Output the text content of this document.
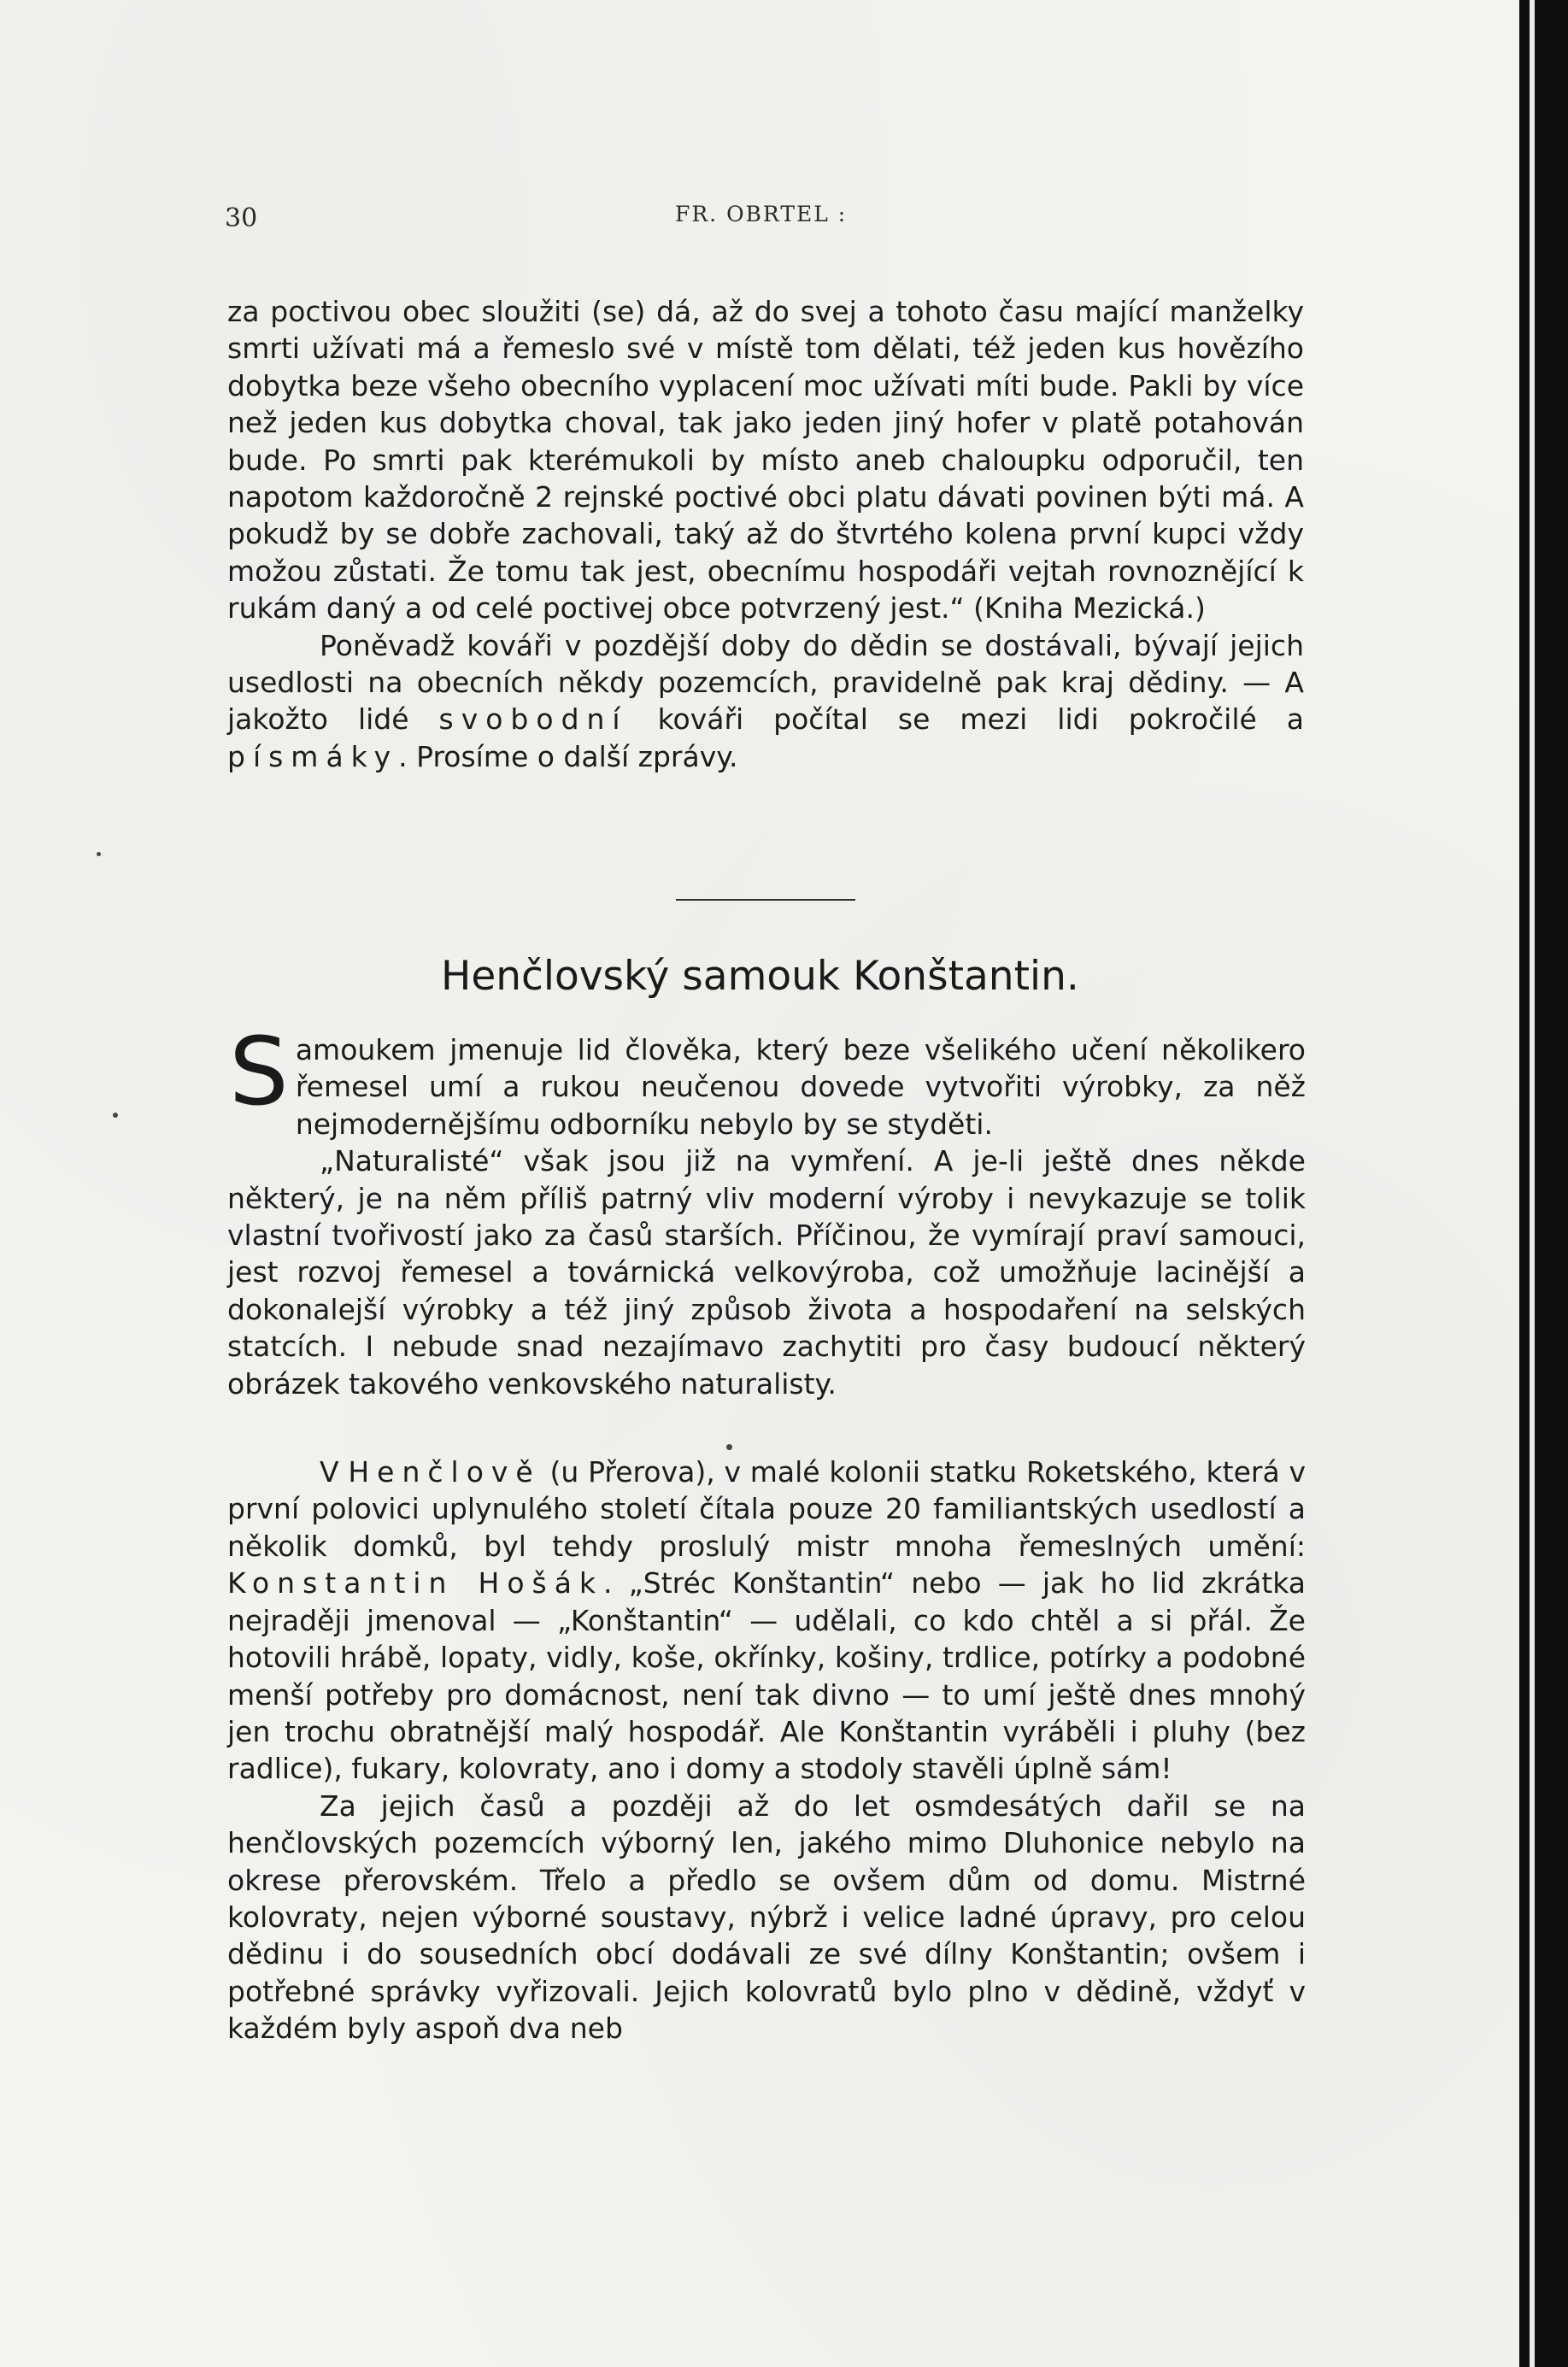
30	FR. OBRTEL :
za poctivou obec sloužiti (se) dá, až do svej a tohoto času mající manželky smrti užívati má a řemeslo své v místě tom dělati, též jeden kus hovězího dobytka beze všeho obecního vyplacení moc užívati míti bude. Pakli by více než jeden kus dobytka choval, tak jako jeden jiný hofer v platě potahován bude. Po smrti pak kterémukoli by místo aneb chaloupku odporučil, ten napotom každoročně 2 rejnské poctivé obci platu dávati povinen býti má. A pokudž by se dobře zachovali, taký až do štvrtého kolena první kupci vždy možou zůstati. Že tomu tak jest, obecnímu hospodáři vejtah rovnoznějící k rukám daný a od celé poctivej obce potvrzený jest.“ (Kniha Mezická.)
Poněvadž kováři v pozdější doby do dědin se dostávali, bývají jejich usedlosti na obecních někdy pozemcích, pravidelně pak kraj dědiny. — A jakožto lidé svobodní kováři počítal se mezi lidi pokročilé a písmáky. Prosíme o další zprávy.
Henčlovský samouk Konštantin.
Samoukem jmenuje lid člověka, který beze všelikého učení několikero řemesel umí a rukou neučenou dovede vytvořiti výrobky, za něž nejmodernějšímu odborníku nebylo by se styděti.
„Naturalisté“ však jsou již na vymření. A je-li ještě dnes někde některý, je na něm příliš patrný vliv moderní výroby i nevykazuje se tolik vlastní tvořivostí jako za časů starších. Příčinou, že vymírají praví samouci, jest rozvoj řemesel a továrnická velkovýroba, což umožňuje lacinější a dokonalejší výrobky a též jiný způsob života a hospodaření na selských statcích. I nebude snad nezajímavo zachytiti pro časy budoucí některý obrázek takového venkovského naturalisty.
V Henčlově (u Přerova), v malé kolonii statku Roketského, která v první polovici uplynulého století čítala pouze 20 familiantských usedlostí a několik domků, byl tehdy proslulý mistr mnoha řemeslných umění: Konstantin Hošák. „Stréc Konštantin“ nebo — jak ho lid zkrátka nejraději jmenoval — „Konštantin“ — udělali, co kdo chtěl a si přál. Že hotovili hrábě, lopaty, vidly, koše, okřínky, košiny, trdlice, potírky a podobné menší potřeby pro domácnost, není tak divno — to umí ještě dnes mnohý jen trochu obratnější malý hospodář. Ale Konštantin vyráběli i pluhy (bez radlice), fukary, kolovraty, ano i domy a stodoly stavěli úplně sám!
Za jejich časů a později až do let osmdesátých dařil se na henčlovských pozemcích výborný len, jakého mimo Dluhonice nebylo na okrese přerovském. Třelo a předlo se ovšem dům od domu. Mistrné kolovraty, nejen výborné soustavy, nýbrž i velice ladné úpravy, pro celou dědinu i do sousedních obcí dodávali ze své dílny Konštantin; ovšem i potřebné správky vyřizovali. Jejich kolovratů bylo plno v dědině, vždyť v každém byly aspoň dva neb
